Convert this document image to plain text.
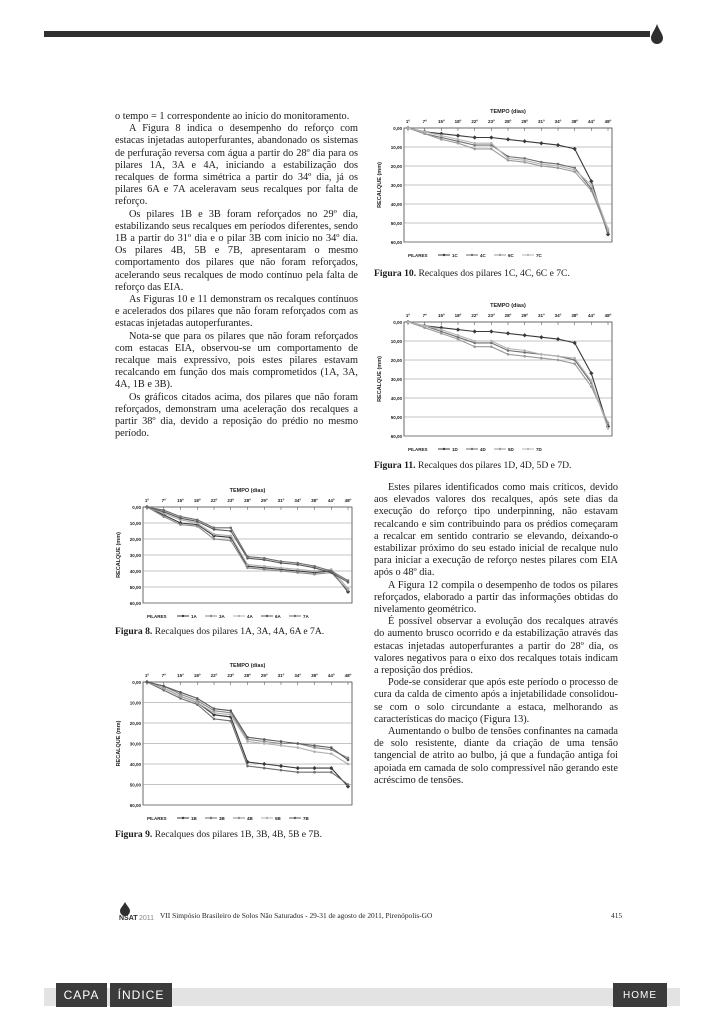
o tempo = 1 correspondente ao início do monitoramento.

A Figura 8 indica o desempenho do reforço com estacas injetadas autoperfurantes, abandonado os sistemas de perfuração reversa com água a partir do 28º dia para os pilares 1A, 3A e 4A, iniciando a estabilização dos recalques de forma simétrica a partir do 34º dia, já os pilares 6A e 7A aceleravam seus recalques por falta de reforço.

Os pilares 1B e 3B foram reforçados no 29º dia, estabilizando seus recalques em períodos diferentes, sendo 1B a partir do 31º dia e o pilar 3B com início no 34º dia. Os pilares 4B, 5B e 7B, apresentaram o mesmo comportamento dos pilares que não foram reforçados, acelerando seus recalques de modo contínuo pela falta de reforço das EIA.

As Figuras 10 e 11 demonstram os recalques contínuos e acelerados dos pilares que não foram reforçados com as estacas injetadas autoperfurantes.

Nota-se que para os pilares que não foram reforçados com estacas EIA, observou-se um comportamento de recalque mais expressivo, pois estes pilares estavam recalcando em função dos mais comprometidos (1A, 3A, 4A, 1B e 3B).

Os gráficos citados acima, dos pilares que não foram reforçados, demonstram uma aceleração dos recalques a partir 38º dia, devido a reposição do prédio no mesmo período.

Estes pilares identificados como mais críticos, devido aos elevados valores dos recalques, após sete dias da execução do reforço tipo underpinning, não estavam recalcando e sim contribuindo para os prédios começaram a recalcar em sentido contrario se elevando, deixando-o estabilizar próximo do seu estado inicial de recalque nulo para iniciar a execução de reforço nestes pilares com EIA após o 48º dia.

A Figura 12 compila o desempenho de todos os pilares reforçados, elaborado a partir das informações obtidas do nivelamento geométrico.

É possível observar a evolução dos recalques através do aumento brusco ocorrido e da estabilização através das estacas injetadas autoperfurantes a partir do 28º dia, os valores negativos para o eixo dos recalques totais indicam a reposição dos prédios.

Pode-se considerar que após este período o processo de cura da calda de cimento após a injetabilidade consolidou-se com o solo circundante a estaca, melhorando as características do maciço (Figura 13).

Aumentando o bulbo de tensões confinantes na camada de solo resistente, diante da criação de uma tensão tangencial de atrito ao bulbo, já que a fundação antiga foi apoiada em camada de solo compressível não gerando este acréscimo de tensões.

TEMPO (dias)
RECALQUE (mm)
0,00
10,00
20,00
30,00
40,00
50,00
60,00
1º	7º	15º 18º 22º 23º 28º 29º 31º 34º 38º 44º 48º
PILARES	1C	4C	6C	7C
Figura 10. Recalques dos pilares 1C, 4C, 6C e 7C.
TEMPO (dias)
RECALQUE (mm)
0,00
10,00
20,00
30,00
40,00
50,00
60,00
1º	7º	15º 18º 22º 23º 28º 29º 31º 34º 38º 44º 48º
PILARES	1D	4D	5D	7D
Figura 11. Recalques dos pilares 1D, 4D, 5D e 7D.
TEMPO (dias)
RECALQUE (mm)
0,00
10,00
20,00
30,00
40,00
50,00
60,00
1º	7º	15º 18º 22º 23º 28º 29º 31º 34º 38º 44º 48º
PILARES	1A	3A	4A	6A	7A
Figura 8. Recalques dos pilares 1A, 3A, 4A, 6A e 7A.
TEMPO (dias)
RECALQUE (mm)
0,00
10,00
20,00
30,00
40,00
50,00
60,00
1º	7º	15º 18º 22º 23º 28º 29º 31º 34º 38º 44º 48º
PILARES	1B	3B	4B	5B	7B
Figura 9. Recalques dos pilares 1B, 3B, 4B, 5B e 7B.
NSAT 2011 VII Simpósio Brasileiro de Solos Não Saturados - 29-31 de agosto de 2011, Pirenópolis-GO	415
CAPA ÍNDICE	HOME
